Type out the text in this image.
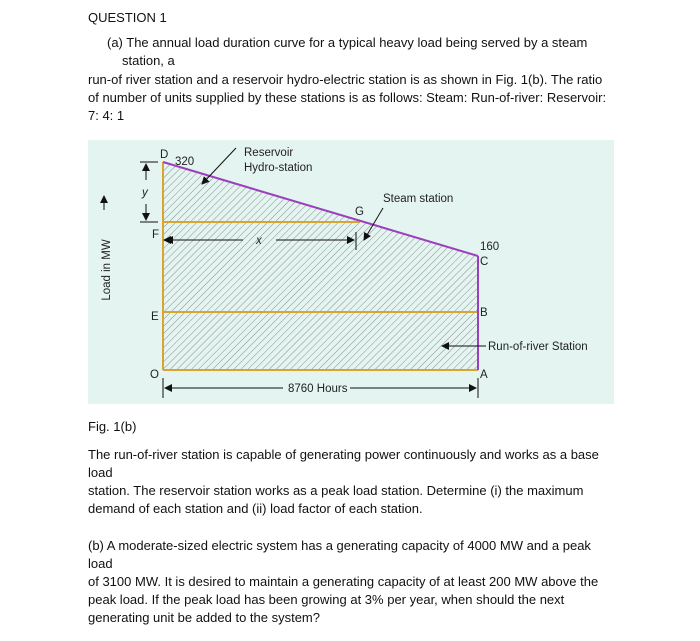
QUESTION 1
(a) The annual load duration curve for a typical heavy load being served by a steam
station, a
run-of river station and a reservoir hydro-electric station is as shown in Fig. 1(b). The ratio
of number of units supplied by these stations is as follows: Steam: Run-of-river: Reservoir:
7: 4: 1
Load in MW
D
320
F
E
O	A
B
C
160
G
y
x
8760 Hours
Reservoir
Hydro-station
Steam station
Run-of-river Station
Fig. 1(b)
The run-of-river station is capable of generating power continuously and works as a base
load
station. The reservoir station works as a peak load station. Determine (i) the maximum
demand of each station and (ii) load factor of each station.
(b) A moderate-sized electric system has a generating capacity of 4000 MW and a peak
load
of 3100 MW. It is desired to maintain a generating capacity of at least 200 MW above the
peak load. If the peak load has been growing at 3% per year, when should the next
generating unit be added to the system?
